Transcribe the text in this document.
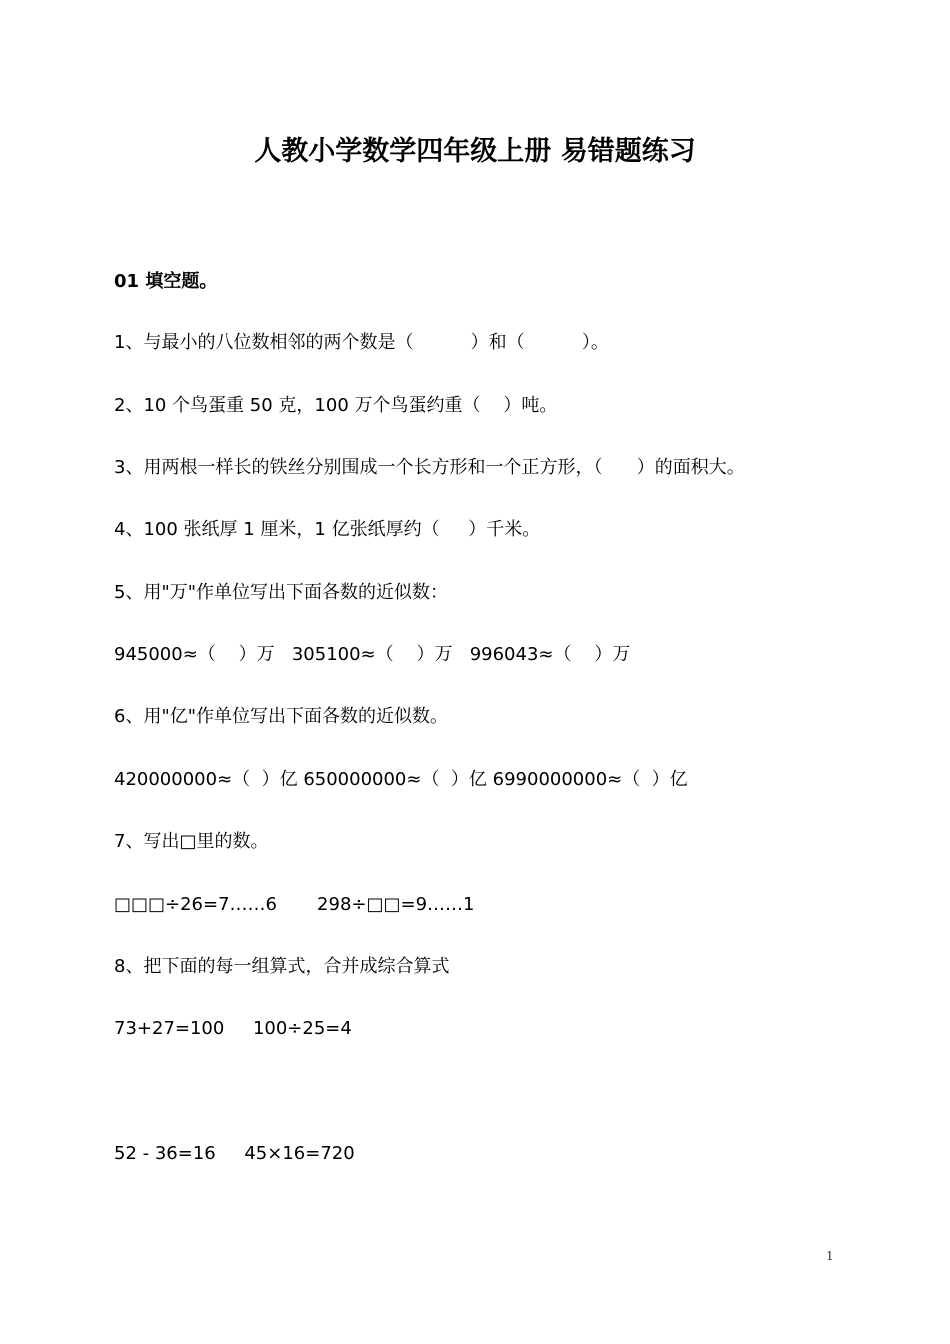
人教小学数学四年级上册 易错题练习
01 填空题。
1、与最小的八位数相邻的两个数是（          ）和（          ）。
2、10 个鸟蛋重 50 克，100 万个鸟蛋约重（    ）吨。
3、用两根一样长的铁丝分别围成一个长方形和一个正方形，（      ）的面积大。
4、100 张纸厚 1 厘米，1 亿张纸厚约（     ）千米。
5、用"万"作单位写出下面各数的近似数：
945000≈（    ）万   305100≈（    ）万   996043≈（    ）万
6、用"亿"作单位写出下面各数的近似数。
420000000≈（  ）亿 650000000≈（  ）亿 6990000000≈（  ）亿
7、写出□里的数。
□□□÷26=7……6       298÷□□=9……1
8、把下面的每一组算式，合并成综合算式
73+27=100     100÷25=4
52 - 36=16     45×16=720
1
